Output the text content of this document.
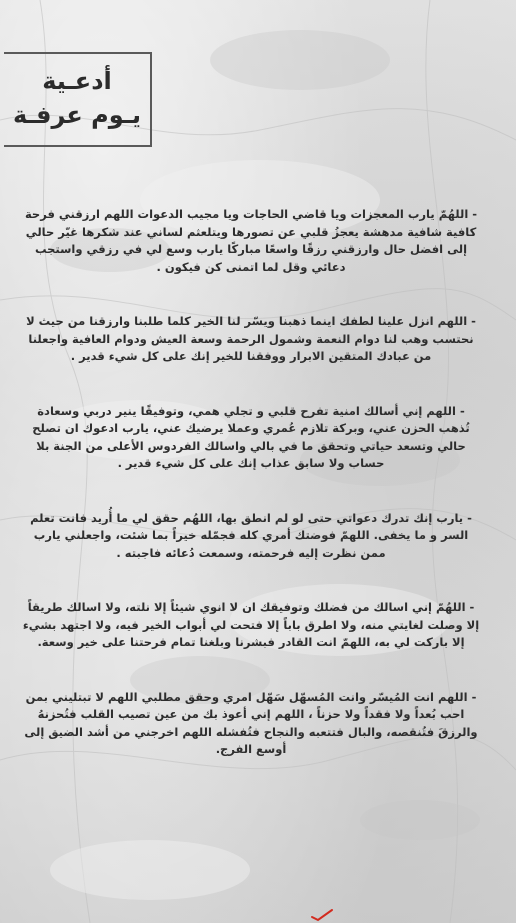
أدعـية
يـوم عرفـة

- اللهُمّ يارب المعجزات ويا قاضي الحاجات ويا مجيب الدعوات اللهم ارزقني فرحة كافية شافية مدهشة يعجزُ قلبي عن تصورها ويتلعثم لساني عند شكرها غيّر حالي إلى افضل حال وارزقني رزقًا واسعًا مباركًا يارب وسع لي في رزقي واستجب دعائي وقل لما اتمنى كن فيكون .

- اللهم انزل علينا لطفك اينما ذهبنا ويسّر لنا الخير كلما طلبنا وارزقنا من حيث لا نحتسب وهب لنا دوام النعمة وشمول الرحمة وسعة العيش ودوام العافية واجعلنا من عبادك المتقين الابرار ووفقنا للخير إنك على كل شيء قدير .

- اللهم إني أسالك امنية تفرح قلبي و تجلي همي، وتوفيقًا ينير دربي وسعادة تُذهب الحزن عني، وبركة تلازم عُمري وعملا يرضيك عني، يارب ادعوك ان تصلح حالي وتسعد حياتي وتحقق ما في بالي واسالك الفردوس الأعلى من الجنة بلا حساب ولا سابق عذاب إنك على كل شيء قدير .

- يارب إنك تدرك دعواتي حتى لو لم انطق بها، اللهُم حقق لي ما أُريد فانت تعلم السر و ما يخفى. اللهمّ فوضتك أمري كله فجمّله خيراً بما شئت، واجعلني يارب ممن نظرت إليه فرحمته، وسمعت دُعائه فاجبته .

- اللهُمّ إني اسالك من فضلك وتوفيقك ان لا انوي شيئاً إلا نلته، ولا اسالك طريقاً إلا وصلت لغايتي منه، ولا اطرق باباً إلا فتحت لي أبواب الخير فيه، ولا اجتهد بشيء إلا باركت لي به، اللهمّ انت القادر فبشرنا وبلغنا تمام فرحتنا على خير وسعة.

- اللهم انت المُيسّر وانت المُسهّل سَهّل امري وحقق مطلبي اللهم لا تبتليني بمن احب بُعداً ولا فقداً ولا حزناً ، اللهم إني أعوذ بك من عين تصيب القلب فتُحزنهُ والرزقَ فتُنقصه، والبال فتتعبه والنجاح فتُفشله اللهم اخرجني من أشد الضيق إلى أوسع الفرج.
